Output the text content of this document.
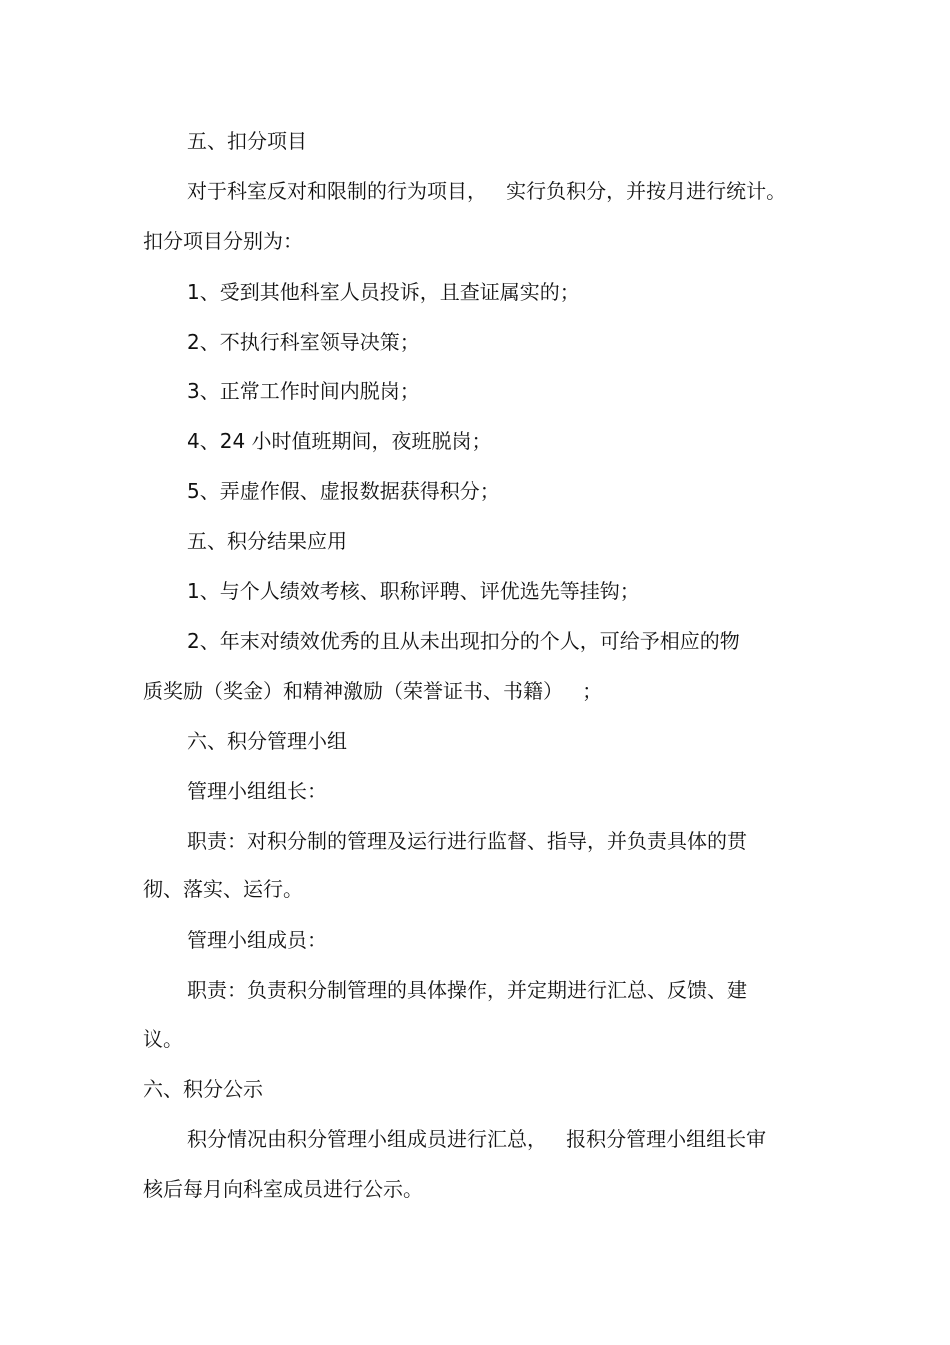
五、扣分项目

对于科室反对和限制的行为项目，   实行负积分，并按月进行统计。

扣分项目分别为：

1、受到其他科室人员投诉，且查证属实的；

2、不执行科室领导决策；

3、正常工作时间内脱岗；

4、24 小时值班期间，夜班脱岗；

5、弄虚作假、虚报数据获得积分；

五、积分结果应用

1、与个人绩效考核、职称评聘、评优选先等挂钩；

2、年末对绩效优秀的且从未出现扣分的个人，可给予相应的物

质奖励（奖金）和精神激励（荣誉证书、书籍）   ；

六、积分管理小组

管理小组组长：

职责：对积分制的管理及运行进行监督、指导，并负责具体的贯

彻、落实、运行。

管理小组成员：

职责：负责积分制管理的具体操作，并定期进行汇总、反馈、建

议。

六、积分公示

积分情况由积分管理小组成员进行汇总，   报积分管理小组组长审

核后每月向科室成员进行公示。
